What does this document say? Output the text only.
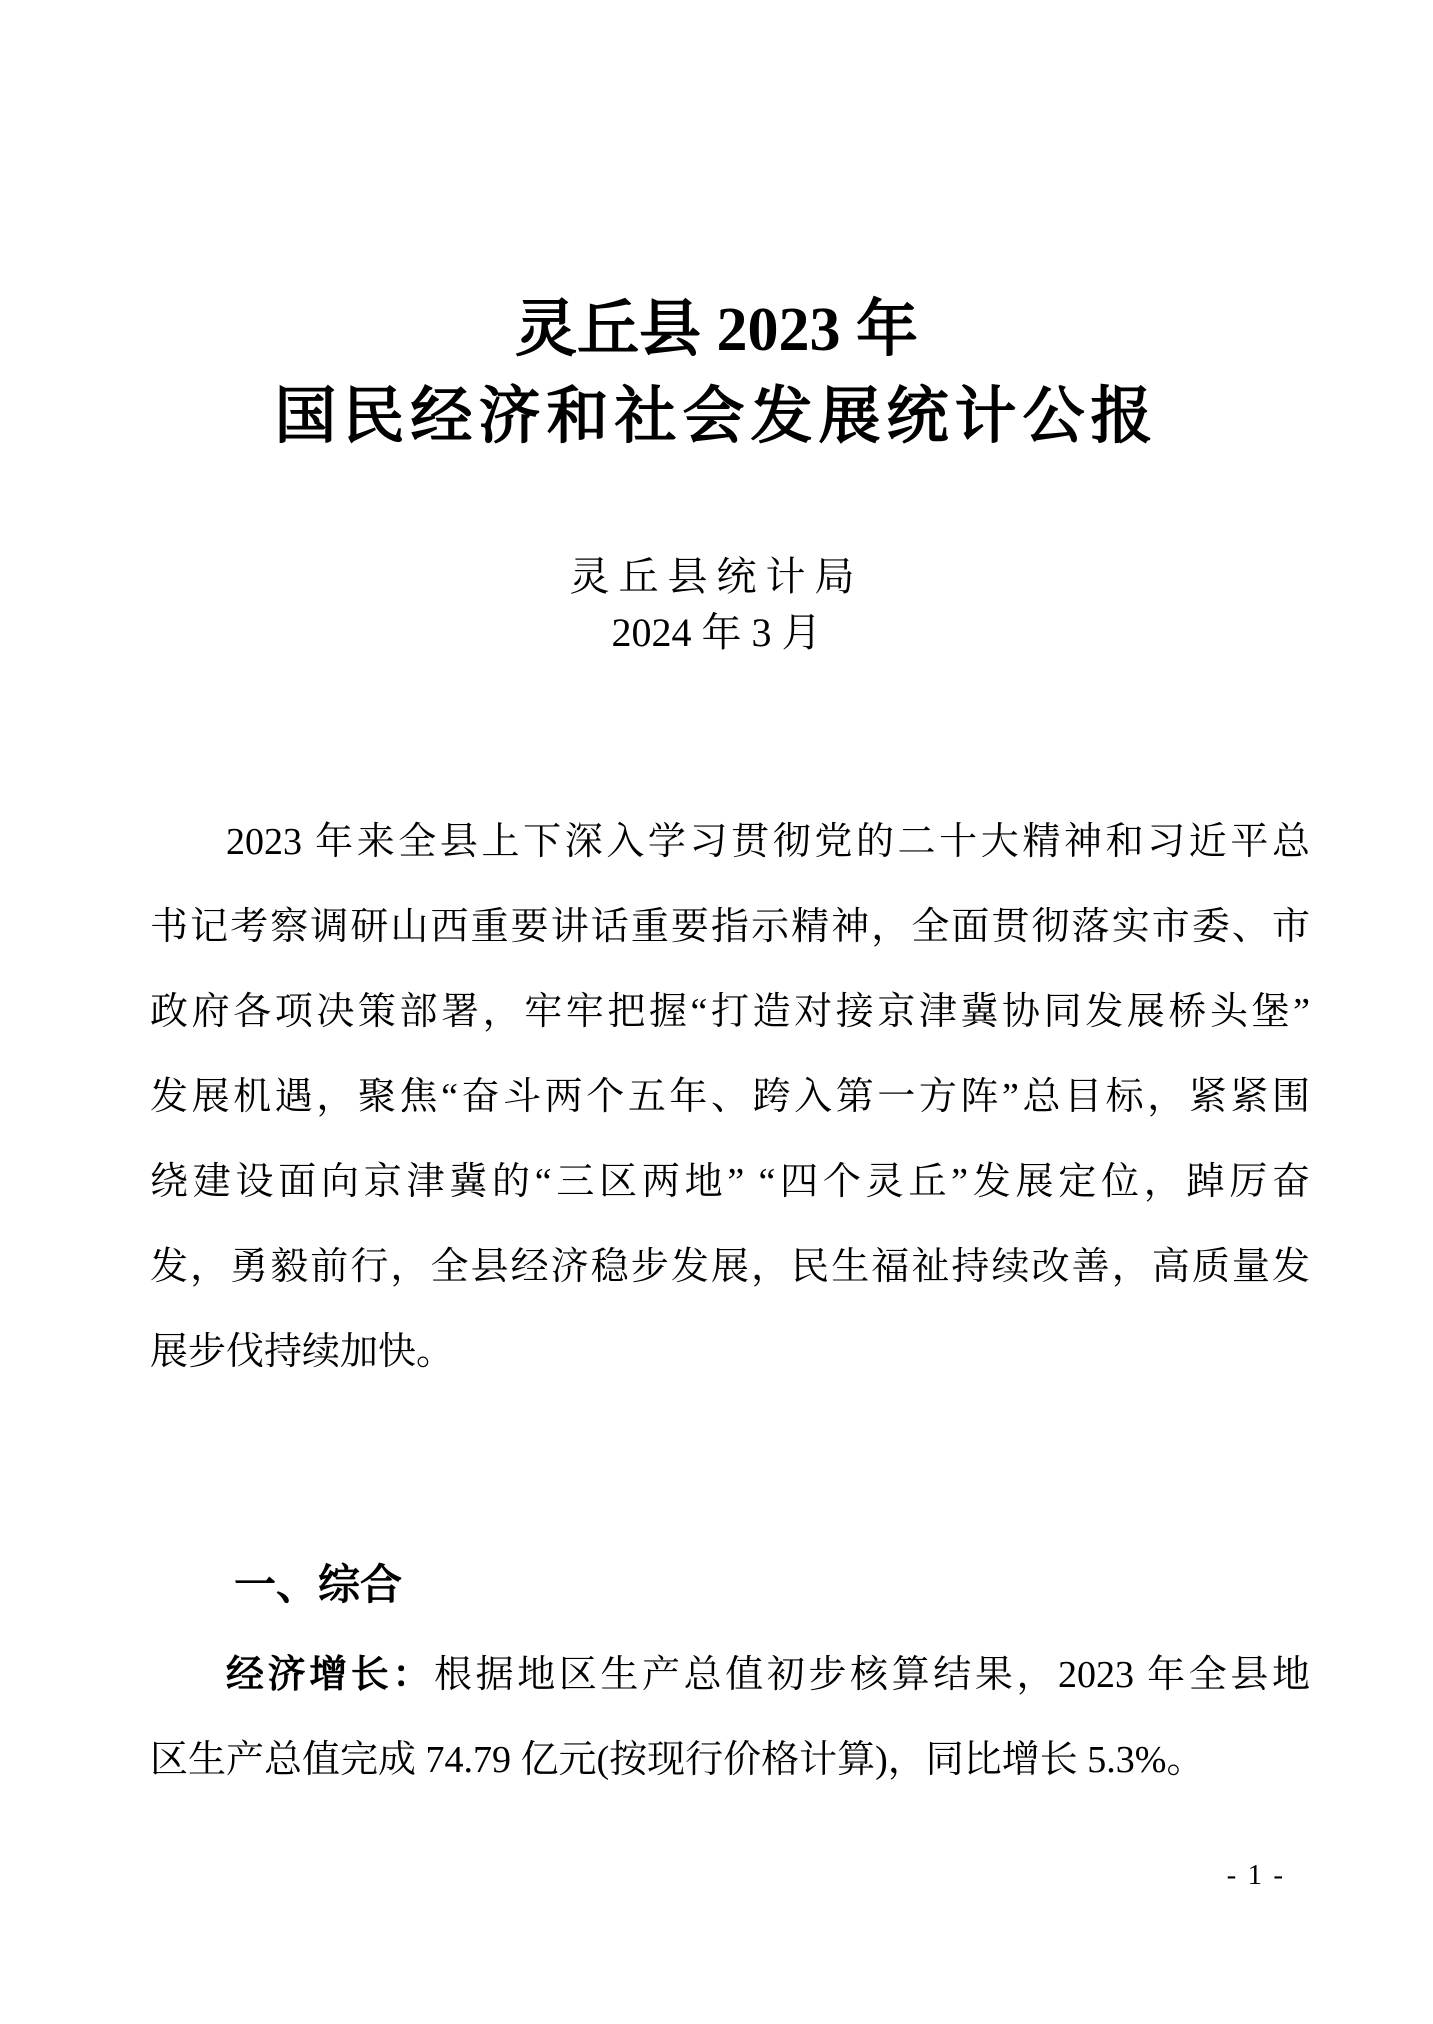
灵丘县 2023 年
国民经济和社会发展统计公报
灵丘县统计局
2024 年 3 月
2023 年来全县上下深入学习贯彻党的二十大精神和习近平总
书记考察调研山西重要讲话重要指示精神，全面贯彻落实市委、市
政府各项决策部署，牢牢把握“打造对接京津冀协同发展桥头堡”
发展机遇，聚焦“奋斗两个五年、跨入第一方阵”总目标，紧紧围
绕建设面向京津冀的“三区两地” “四个灵丘”发展定位，踔厉奋
发，勇毅前行，全县经济稳步发展，民生福祉持续改善，高质量发
展步伐持续加快。
一、综合
经济增长：根据地区生产总值初步核算结果，2023 年全县地
区生产总值完成 74.79 亿元(按现行价格计算)，同比增长 5.3%。
- 1 -
